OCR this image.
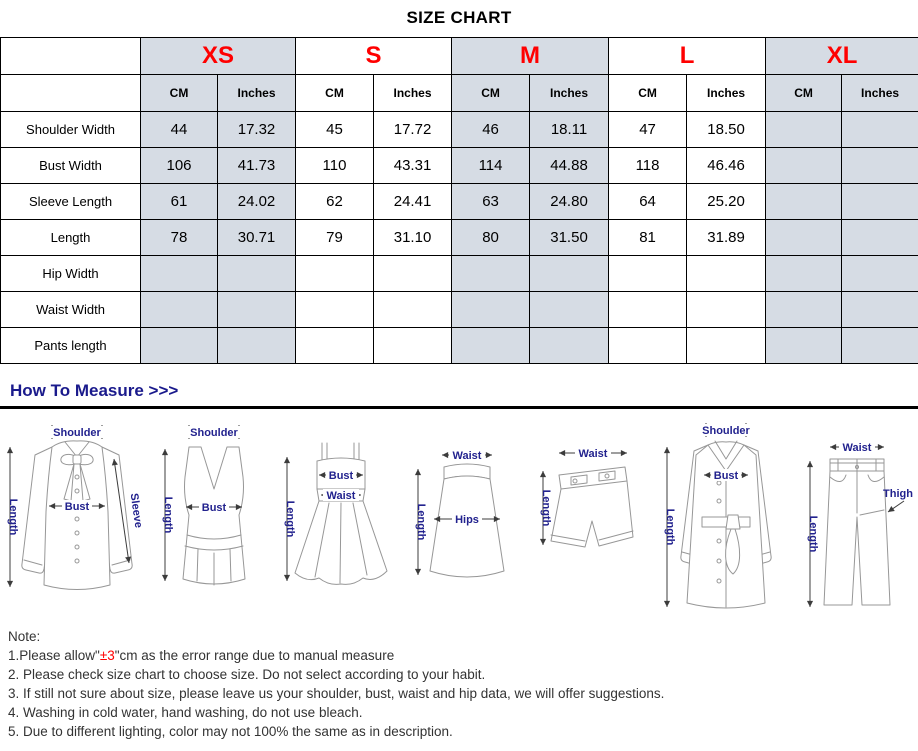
SIZE CHART
	XS		S		M		L		XL	
	CM	Inches	CM	Inches	CM	Inches	CM	Inches	CM	Inches
Shoulder Width	44	17.32	45	17.72	46	18.11	47	18.50		
Bust Width	106	41.73	110	43.31	114	44.88	118	46.46		
Sleeve Length	61	24.02	62	24.41	63	24.80	64	25.20		
Length	78	30.71	79	31.10	80	31.50	81	31.89		
Hip Width										
Waist Width										
Pants length										
How To Measure >>>
Shoulder
Length	Bust	Sleeve
Shoulder
Length	Bust
Bust
Waist
Length
Waist
Length	Hips
Waist
Length
Shoulder
Bust
Length
Waist
Length
Thigh
Note:
1.Please allow"±3"cm as the error range due to manual measure
2. Please check size chart to choose size. Do not select according to your habit.
3. If still not sure about size, please leave us your shoulder, bust, waist and hip data, we will offer suggestions.
4. Washing in cold water, hand washing, do not use bleach.
5. Due to different lighting, color may not 100% the same as in description.
